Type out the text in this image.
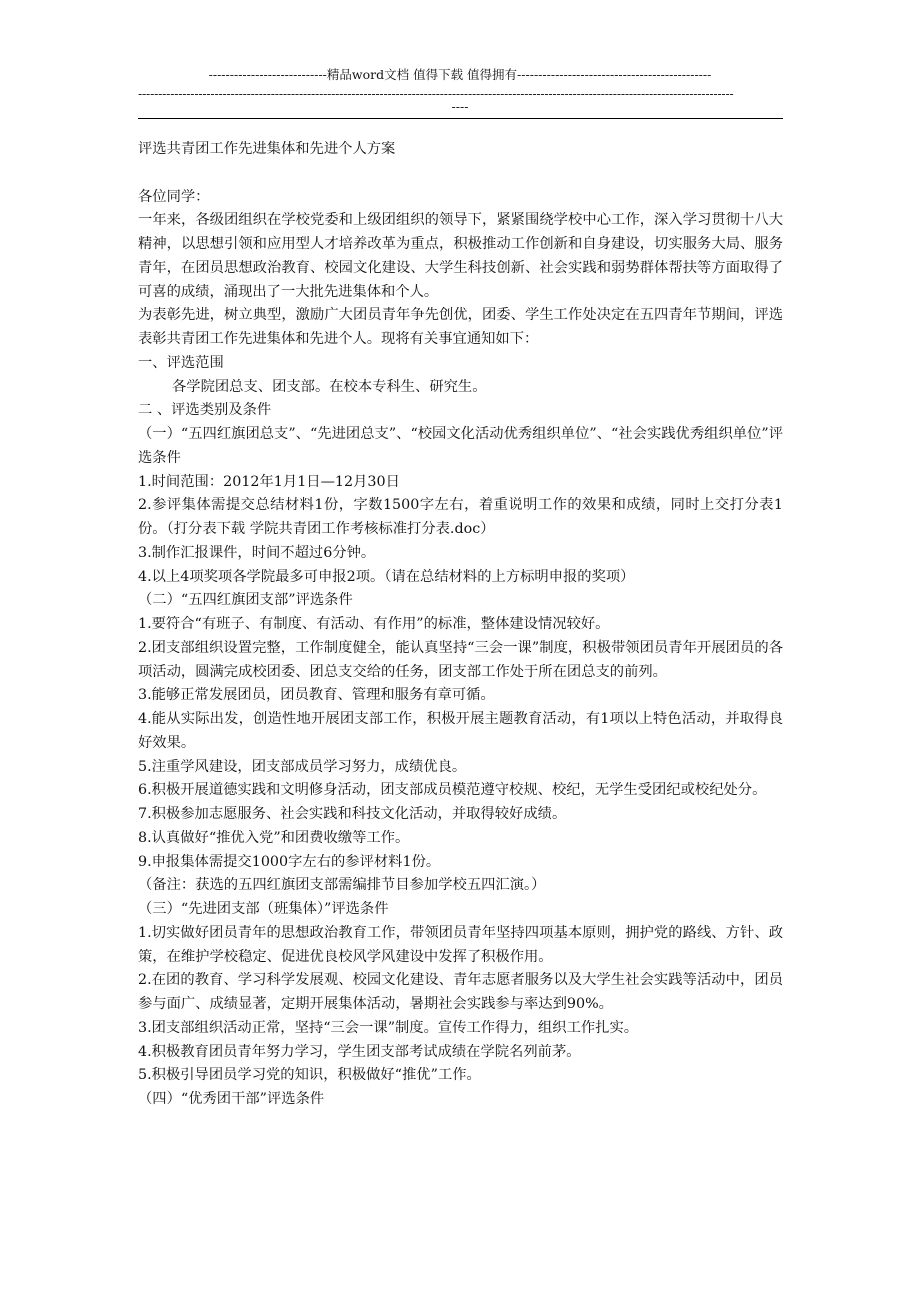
----------------------------精品word文档 值得下载 值得拥有----------------------------------------------
----------------------------------------------------------------------------------------------------------------------------------------------------
----

评选共青团工作先进集体和先进个人方案

各位同学：

一年来，各级团组织在学校党委和上级团组织的领导下，紧紧围绕学校中心工作，深入学习贯彻十八大精神，以思想引领和应用型人才培养改革为重点，积极推动工作创新和自身建设，切实服务大局、服务青年，在团员思想政治教育、校园文化建设、大学生科技创新、社会实践和弱势群体帮扶等方面取得了可喜的成绩，涌现出了一大批先进集体和个人。

为表彰先进，树立典型，激励广大团员青年争先创优，团委、学生工作处决定在五四青年节期间，评选表彰共青团工作先进集体和先进个人。现将有关事宜通知如下：

一、评选范围

各学院团总支、团支部。在校本专科生、研究生。

二 、评选类别及条件

（一）“五四红旗团总支”、“先进团总支”、“校园文化活动优秀组织单位”、“社会实践优秀组织单位”评选条件

1.时间范围：2012年1月1日—12月30日

2.参评集体需提交总结材料1份，字数1500字左右，着重说明工作的效果和成绩，同时上交打分表1份。（打分表下载 学院共青团工作考核标准打分表.doc）

3.制作汇报课件，时间不超过6分钟。

4.以上4项奖项各学院最多可申报2项。（请在总结材料的上方标明申报的奖项）

（二）“五四红旗团支部”评选条件

1.要符合“有班子、有制度、有活动、有作用”的标准，整体建设情况较好。

2.团支部组织设置完整，工作制度健全，能认真坚持“三会一课”制度，积极带领团员青年开展团员的各项活动，圆满完成校团委、团总支交给的任务，团支部工作处于所在团总支的前列。

3.能够正常发展团员，团员教育、管理和服务有章可循。

4.能从实际出发，创造性地开展团支部工作，积极开展主题教育活动，有1项以上特色活动，并取得良好效果。

5.注重学风建设，团支部成员学习努力，成绩优良。

6.积极开展道德实践和文明修身活动，团支部成员模范遵守校规、校纪，无学生受团纪或校纪处分。

7.积极参加志愿服务、社会实践和科技文化活动，并取得较好成绩。

8.认真做好“推优入党”和团费收缴等工作。

9.申报集体需提交1000字左右的参评材料1份。

（备注：获选的五四红旗团支部需编排节目参加学校五四汇演。）

（三）“先进团支部（班集体）”评选条件

1.切实做好团员青年的思想政治教育工作，带领团员青年坚持四项基本原则，拥护党的路线、方针、政策，在维护学校稳定、促进优良校风学风建设中发挥了积极作用。

2.在团的教育、学习科学发展观、校园文化建设、青年志愿者服务以及大学生社会实践等活动中，团员参与面广、成绩显著，定期开展集体活动，暑期社会实践参与率达到90%。

3.团支部组织活动正常，坚持“三会一课”制度。宣传工作得力，组织工作扎实。

4.积极教育团员青年努力学习，学生团支部考试成绩在学院名列前茅。

5.积极引导团员学习党的知识，积极做好“推优”工作。

（四）“优秀团干部”评选条件
